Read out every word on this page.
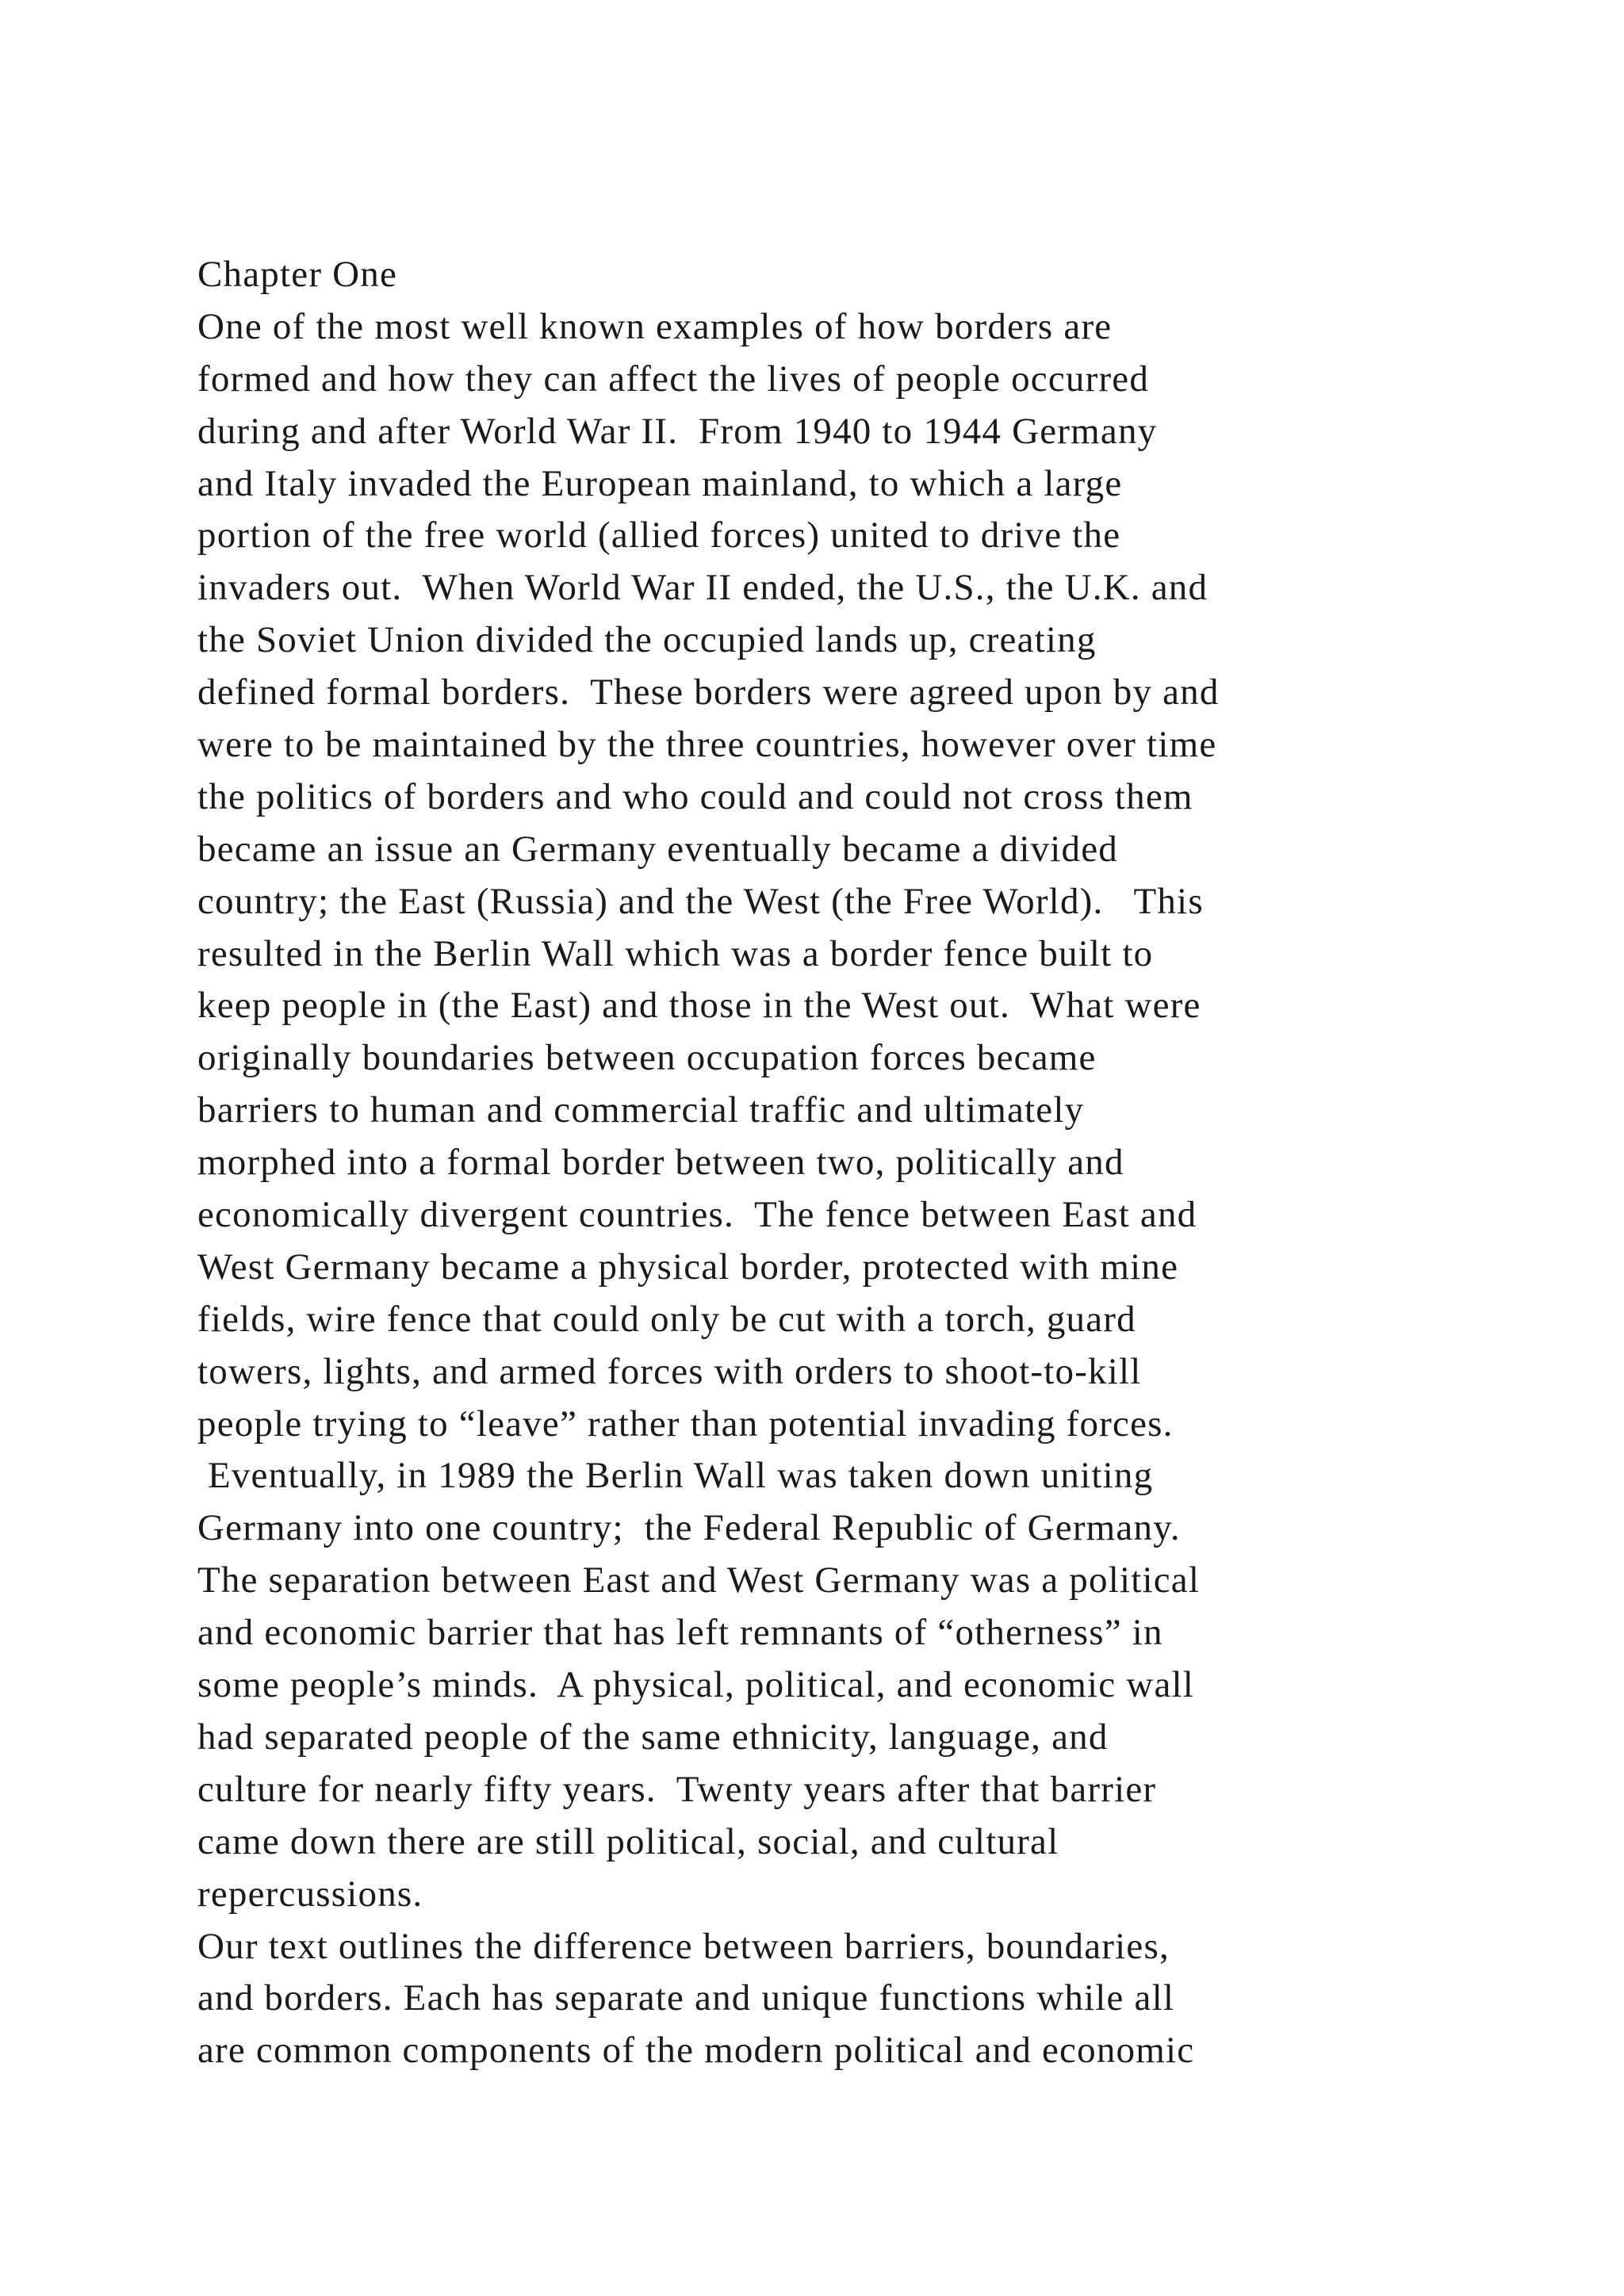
Chapter One
One of the most well known examples of how borders are
formed and how they can affect the lives of people occurred
during and after World War II.  From 1940 to 1944 Germany
and Italy invaded the European mainland, to which a large
portion of the free world (allied forces) united to drive the
invaders out.  When World War II ended, the U.S., the U.K. and
the Soviet Union divided the occupied lands up, creating
defined formal borders.  These borders were agreed upon by and
were to be maintained by the three countries, however over time
the politics of borders and who could and could not cross them
became an issue an Germany eventually became a divided
country; the East (Russia) and the West (the Free World).   This
resulted in the Berlin Wall which was a border fence built to
keep people in (the East) and those in the West out.  What were
originally boundaries between occupation forces became
barriers to human and commercial traffic and ultimately
morphed into a formal border between two, politically and
economically divergent countries.  The fence between East and
West Germany became a physical border, protected with mine
fields, wire fence that could only be cut with a torch, guard
towers, lights, and armed forces with orders to shoot-to-kill
people trying to “leave” rather than potential invading forces.
Eventually, in 1989 the Berlin Wall was taken down uniting
Germany into one country;  the Federal Republic of Germany.
The separation between East and West Germany was a political
and economic barrier that has left remnants of “otherness” in
some people’s minds.  A physical, political, and economic wall
had separated people of the same ethnicity, language, and
culture for nearly fifty years.  Twenty years after that barrier
came down there are still political, social, and cultural
repercussions.
Our text outlines the difference between barriers, boundaries,
and borders. Each has separate and unique functions while all
are common components of the modern political and economic
